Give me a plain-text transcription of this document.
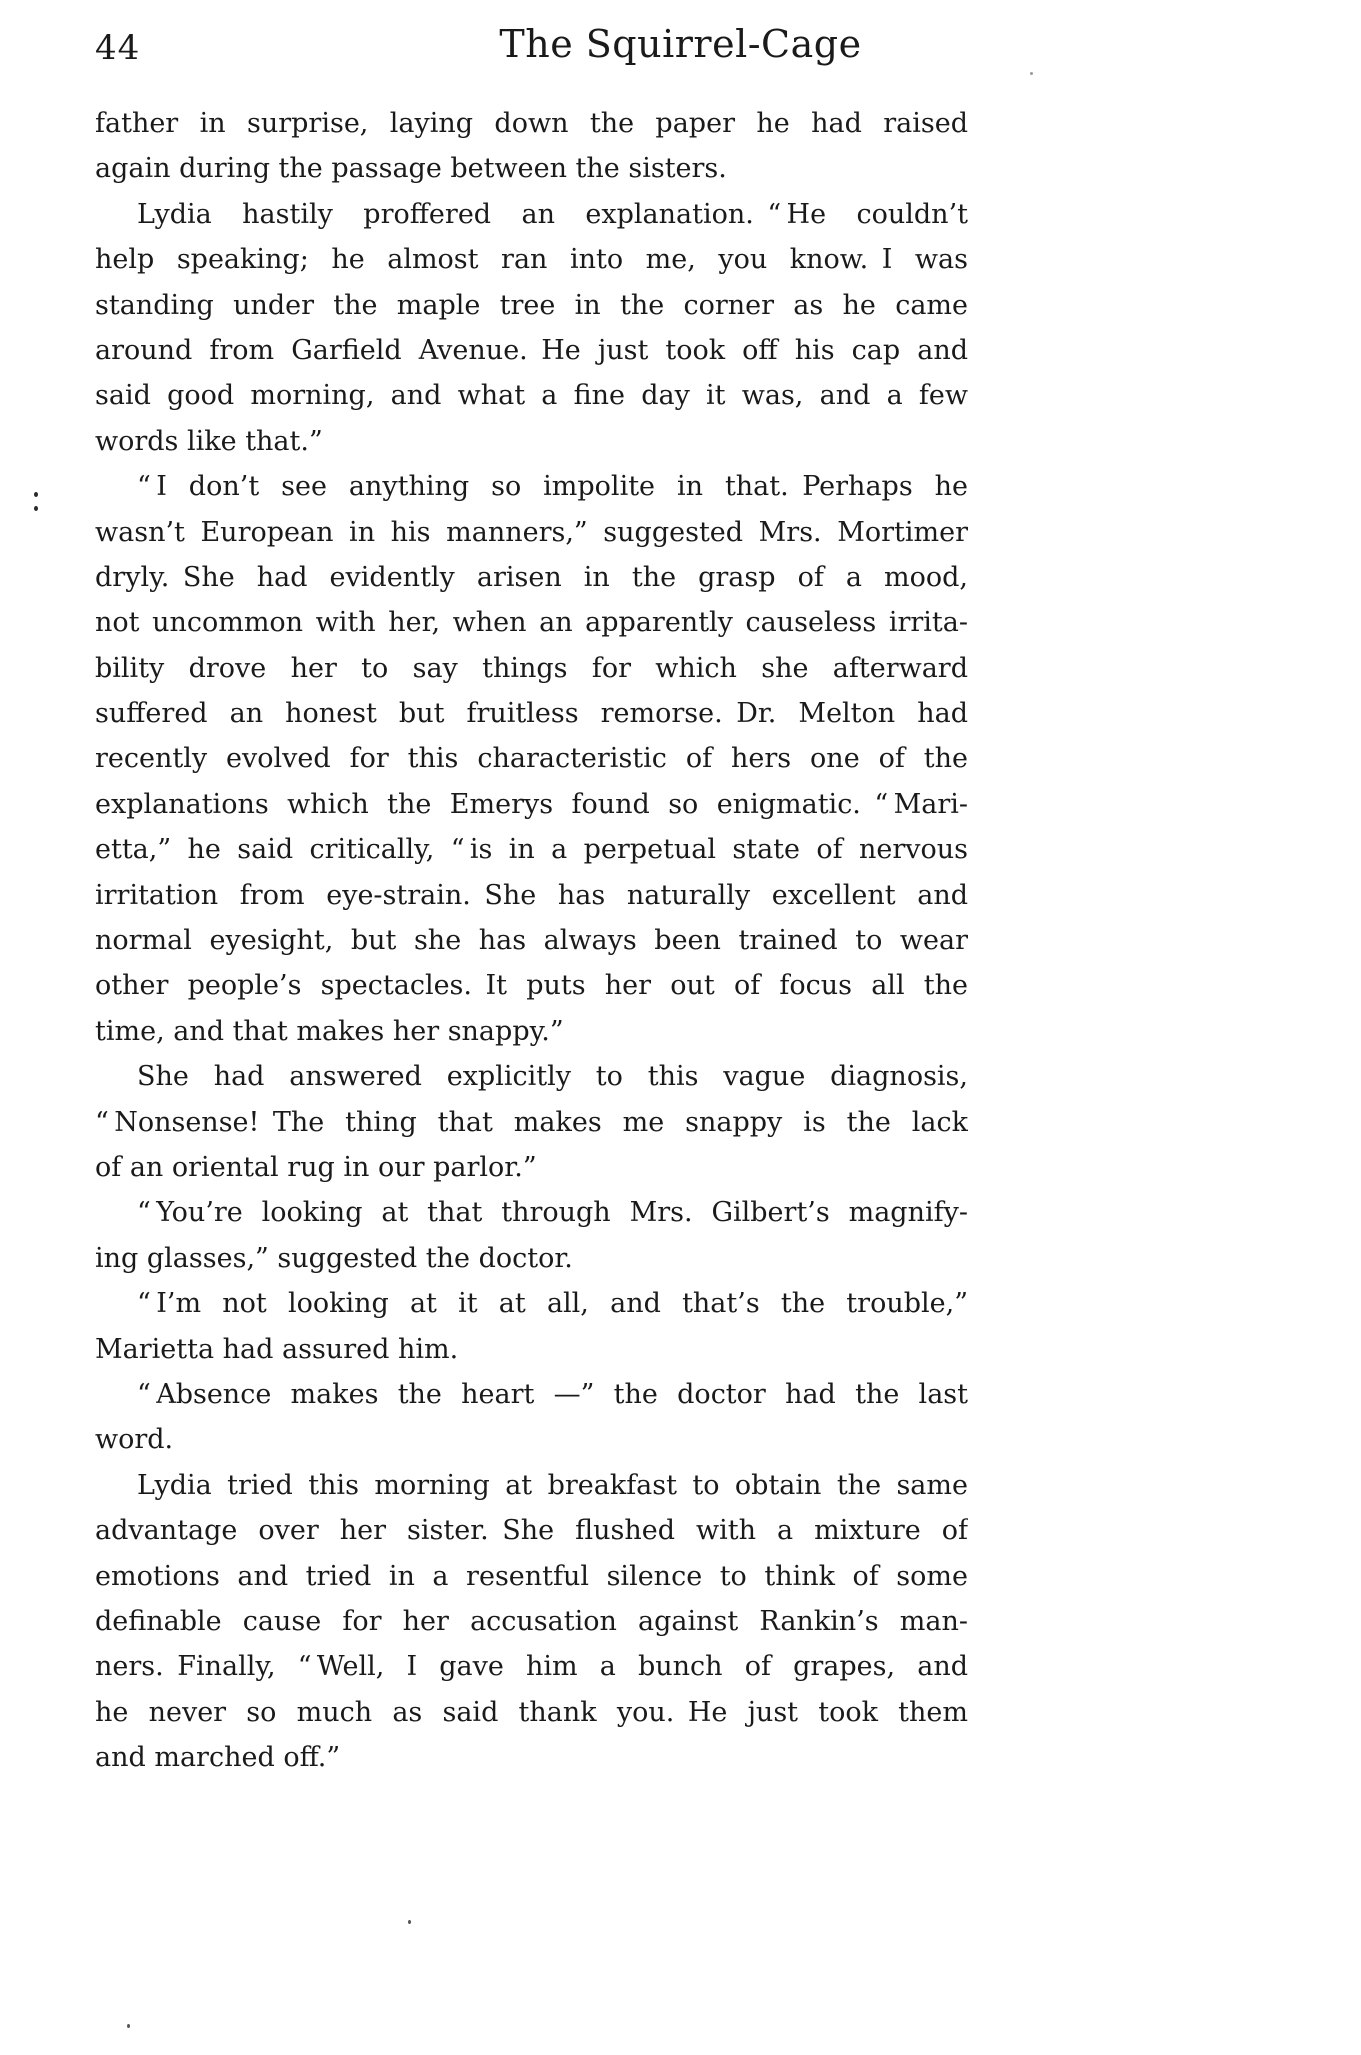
44	The Squirrel-Cage
father in surprise, laying down the paper he had raised
again during the passage between the sisters.
Lydia hastily proffered an explanation. “ He couldn’t
help speaking; he almost ran into me, you know. I was
standing under the maple tree in the corner as he came
around from Garfield Avenue. He just took off his cap and
said good morning, and what a fine day it was, and a few
words like that.”
“ I don’t see anything so impolite in that. Perhaps he
wasn’t European in his manners,” suggested Mrs. Mortimer
dryly. She had evidently arisen in the grasp of a mood,
not uncommon with her, when an apparently causeless irrita-
bility drove her to say things for which she afterward
suffered an honest but fruitless remorse. Dr. Melton had
recently evolved for this characteristic of hers one of the
explanations which the Emerys found so enigmatic. “ Mari-
etta,” he said critically, “ is in a perpetual state of nervous
irritation from eye-strain. She has naturally excellent and
normal eyesight, but she has always been trained to wear
other people’s spectacles. It puts her out of focus all the
time, and that makes her snappy.”
She had answered explicitly to this vague diagnosis,
“ Nonsense! The thing that makes me snappy is the lack
of an oriental rug in our parlor.”
“ You’re looking at that through Mrs. Gilbert’s magnify-
ing glasses,” suggested the doctor.
“ I’m not looking at it at all, and that’s the trouble,”
Marietta had assured him.
“ Absence makes the heart —” the doctor had the last
word.
Lydia tried this morning at breakfast to obtain the same
advantage over her sister. She flushed with a mixture of
emotions and tried in a resentful silence to think of some
definable cause for her accusation against Rankin’s man-
ners. Finally, “ Well, I gave him a bunch of grapes, and
he never so much as said thank you. He just took them
and marched off.”
